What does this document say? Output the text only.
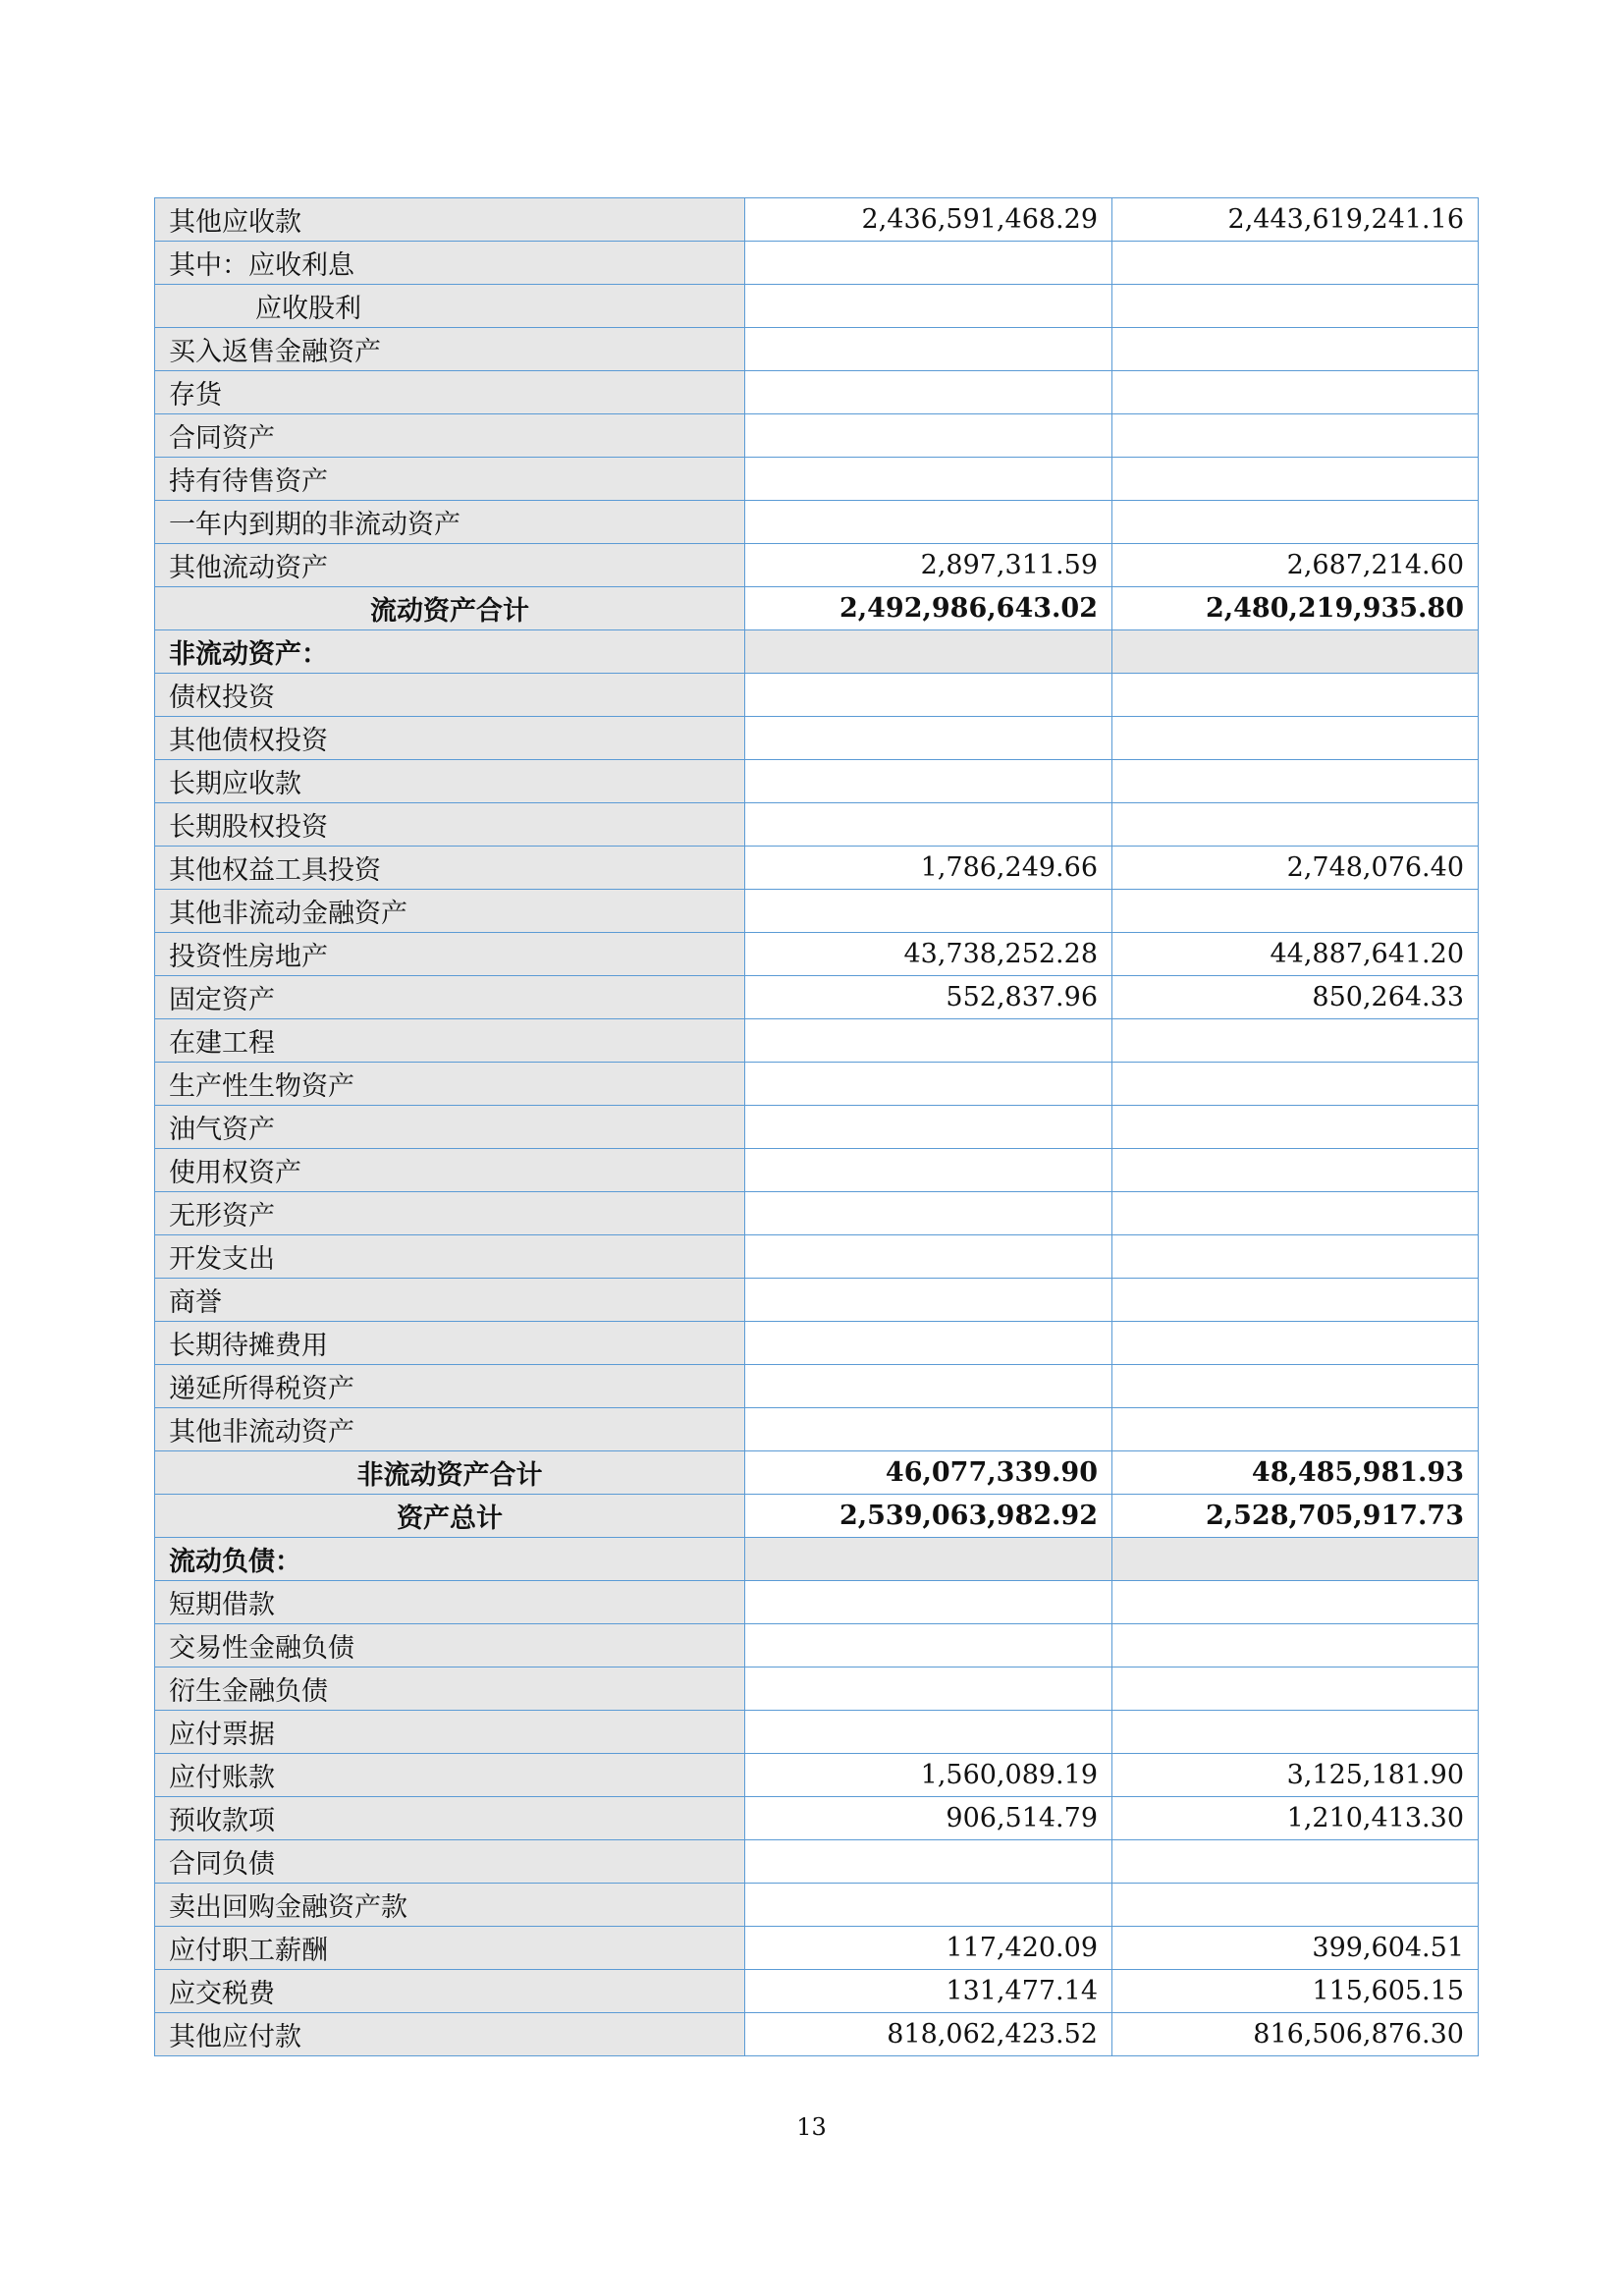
其他应收款	2,436,591,468.29	2,443,619,241.16
其中：应收利息		
应收股利		
买入返售金融资产		
存货		
合同资产		
持有待售资产		
一年内到期的非流动资产		
其他流动资产	2,897,311.59	2,687,214.60
流动资产合计	2,492,986,643.02	2,480,219,935.80
非流动资产：		
债权投资		
其他债权投资		
长期应收款		
长期股权投资		
其他权益工具投资	1,786,249.66	2,748,076.40
其他非流动金融资产		
投资性房地产	43,738,252.28	44,887,641.20
固定资产	552,837.96	850,264.33
在建工程		
生产性生物资产		
油气资产		
使用权资产		
无形资产		
开发支出		
商誉		
长期待摊费用		
递延所得税资产		
其他非流动资产		
非流动资产合计	46,077,339.90	48,485,981.93
资产总计	2,539,063,982.92	2,528,705,917.73
流动负债：		
短期借款		
交易性金融负债		
衍生金融负债		
应付票据		
应付账款	1,560,089.19	3,125,181.90
预收款项	906,514.79	1,210,413.30
合同负债		
卖出回购金融资产款		
应付职工薪酬	117,420.09	399,604.51
应交税费	131,477.14	115,605.15
其他应付款	818,062,423.52	816,506,876.30
13
